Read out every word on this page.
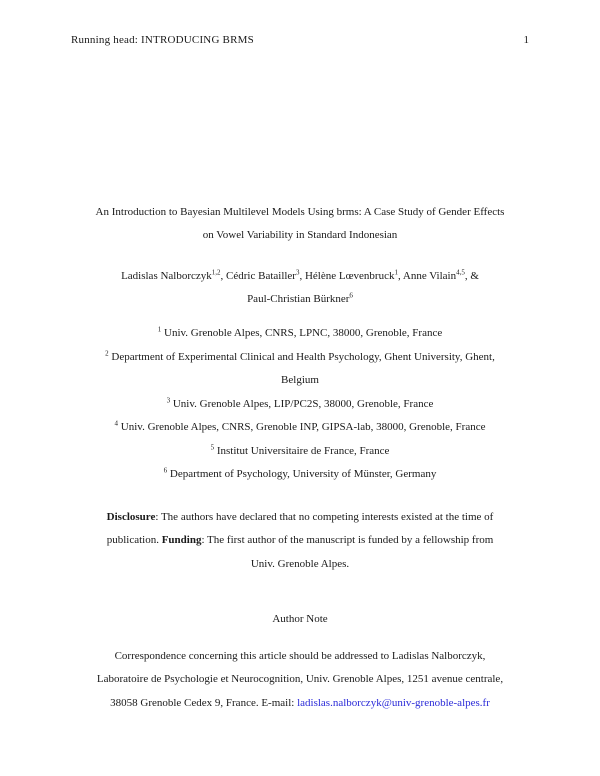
Running head: INTRODUCING BRMS	1
An Introduction to Bayesian Multilevel Models Using brms: A Case Study of Gender Effects
on Vowel Variability in Standard Indonesian
Ladislas Nalborczyk$^{1,2}$, Cédric Batailler$^3$, Hélène Lœvenbruck$^1$, Anne Vilain$^{4,5}$, &
Paul-Christian Bürkner$^6$
$^1$ Univ. Grenoble Alpes, CNRS, LPNC, 38000, Grenoble, France
$^2$ Department of Experimental Clinical and Health Psychology, Ghent University, Ghent,
Belgium
$^3$ Univ. Grenoble Alpes, LIP/PC2S, 38000, Grenoble, France
$^4$ Univ. Grenoble Alpes, CNRS, Grenoble INP, GIPSA-lab, 38000, Grenoble, France
$^5$ Institut Universitaire de France, France
$^6$ Department of Psychology, University of Münster, Germany
Disclosure: The authors have declared that no competing interests existed at the time of
publication. Funding: The first author of the manuscript is funded by a fellowship from
Univ. Grenoble Alpes.
Author Note
Correspondence concerning this article should be addressed to Ladislas Nalborczyk,
Laboratoire de Psychologie et Neurocognition, Univ. Grenoble Alpes, 1251 avenue centrale,
38058 Grenoble Cedex 9, France. E-mail: ladislas.nalborczyk@univ-grenoble-alpes.fr
